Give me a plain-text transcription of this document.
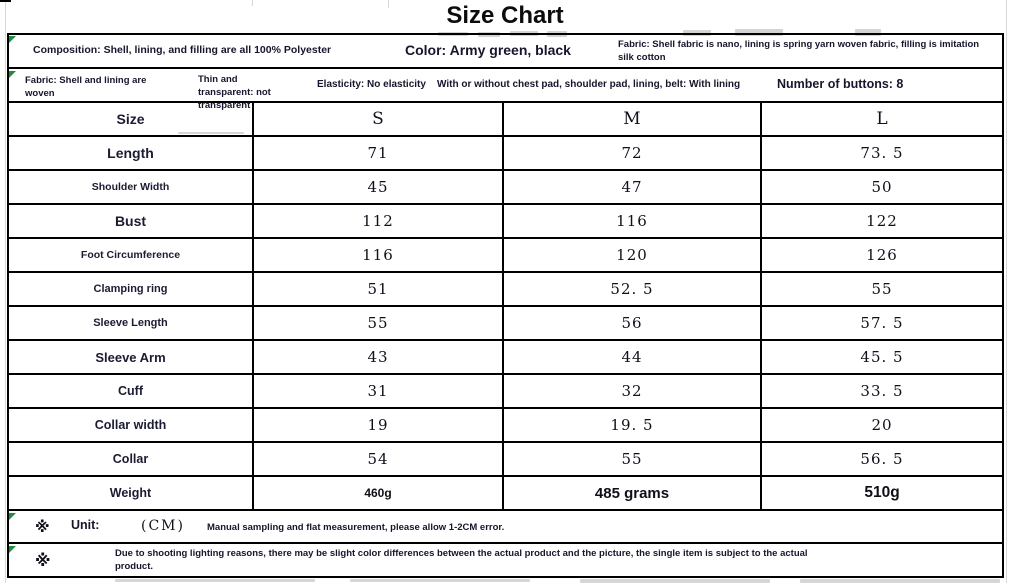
Size Chart
Composition: Shell, lining, and filling are all 100% Polyester	Color: Army green, black	Fabric: Shell fabric is nano, lining is spring yarn woven fabric, filling is imitation silk cotton
Fabric: Shell and lining are woven
Thin and transparent: not transparent
Elasticity: No elasticity With or without chest pad, shoulder pad, lining, belt: With lining	Number of buttons: 8
Size	S	M	L
Length	71	72	73. 5
Shoulder Width	45	47	50
Bust	112	116	122
Foot Circumference	116	120	126
Clamping ring	51	52. 5	55
Sleeve Length	55	56	57. 5
Sleeve Arm	43	44	45. 5
Cuff	31	32	33. 5
Collar width	19	19. 5	20
Collar	54	55	56. 5
Weight	460g	485 grams	510g
※ Unit:	(CM) Manual sampling and flat measurement, please allow 1-2CM error.
※	Due to shooting lighting reasons, there may be slight color differences between the actual product and the picture, the single item is subject to the actual product.
